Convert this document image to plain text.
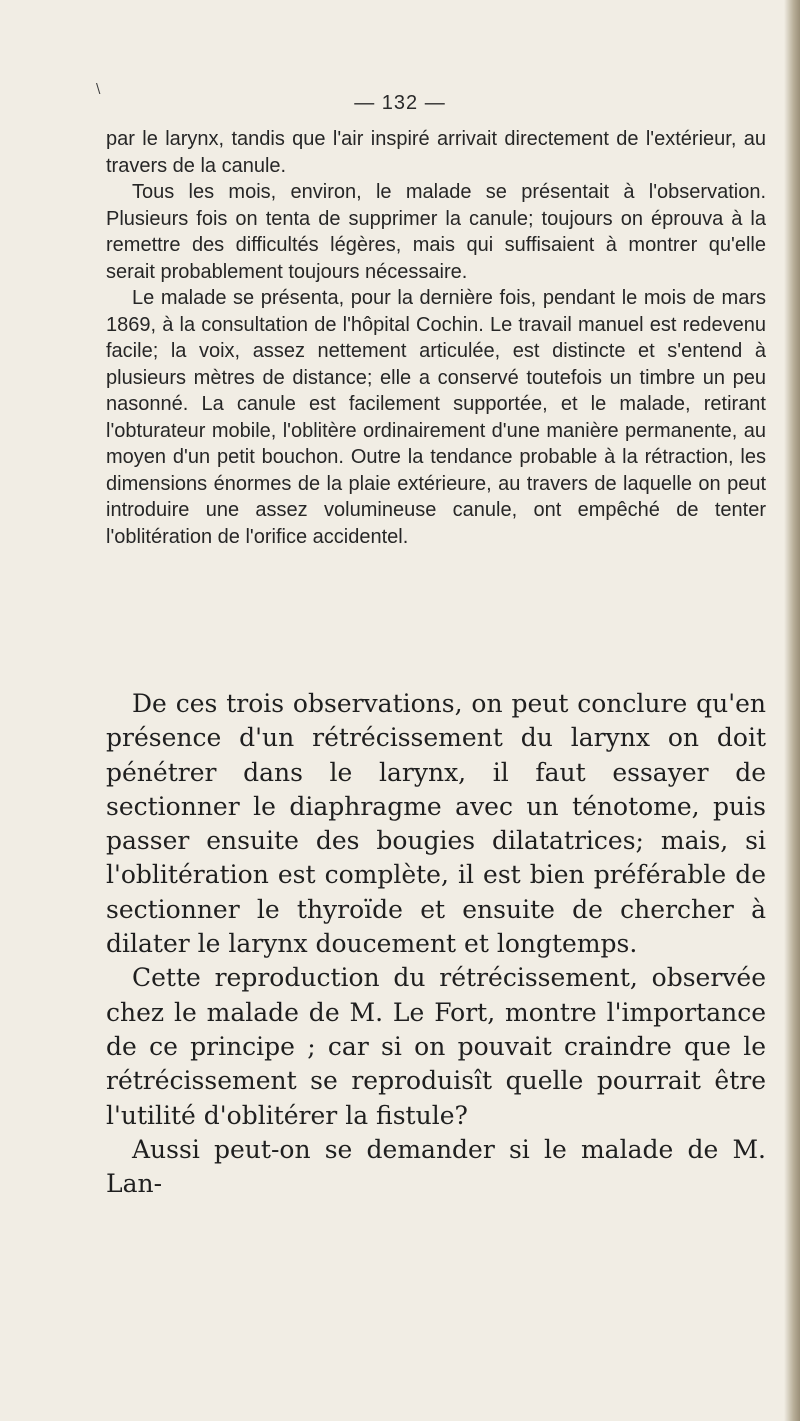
\
— 132 —

par le larynx, tandis que l'air inspiré arrivait directement de l'extérieur, au travers de la canule.

Tous les mois, environ, le malade se présentait à l'observation. Plusieurs fois on tenta de supprimer la canule; toujours on éprouva à la remettre des difficultés légères, mais qui suffisaient à montrer qu'elle serait probablement toujours nécessaire.

Le malade se présenta, pour la dernière fois, pendant le mois de mars 1869, à la consultation de l'hôpital Cochin. Le travail manuel est redevenu facile; la voix, assez nettement articulée, est distincte et s'entend à plusieurs mètres de distance; elle a conservé toutefois un timbre un peu nasonné. La canule est facilement supportée, et le malade, retirant l'obturateur mobile, l'oblitère ordinairement d'une manière permanente, au moyen d'un petit bouchon. Outre la tendance probable à la rétraction, les dimensions énormes de la plaie extérieure, au travers de laquelle on peut introduire une assez volumineuse canule, ont empêché de tenter l'oblitération de l'orifice accidentel.

De ces trois observations, on peut conclure qu'en présence d'un rétrécissement du larynx on doit pénétrer dans le larynx, il faut essayer de sectionner le diaphragme avec un ténotome, puis passer ensuite des bougies dilatatrices; mais, si l'oblitération est complète, il est bien préférable de sectionner le thyroïde et ensuite de chercher à dilater le larynx doucement et longtemps.

Cette reproduction du rétrécissement, observée chez le malade de M. Le Fort, montre l'importance de ce principe ; car si on pouvait craindre que le rétrécissement se reproduisît quelle pourrait être l'utilité d'oblitérer la fistule?

Aussi peut-on se demander si le malade de M. Lan-
